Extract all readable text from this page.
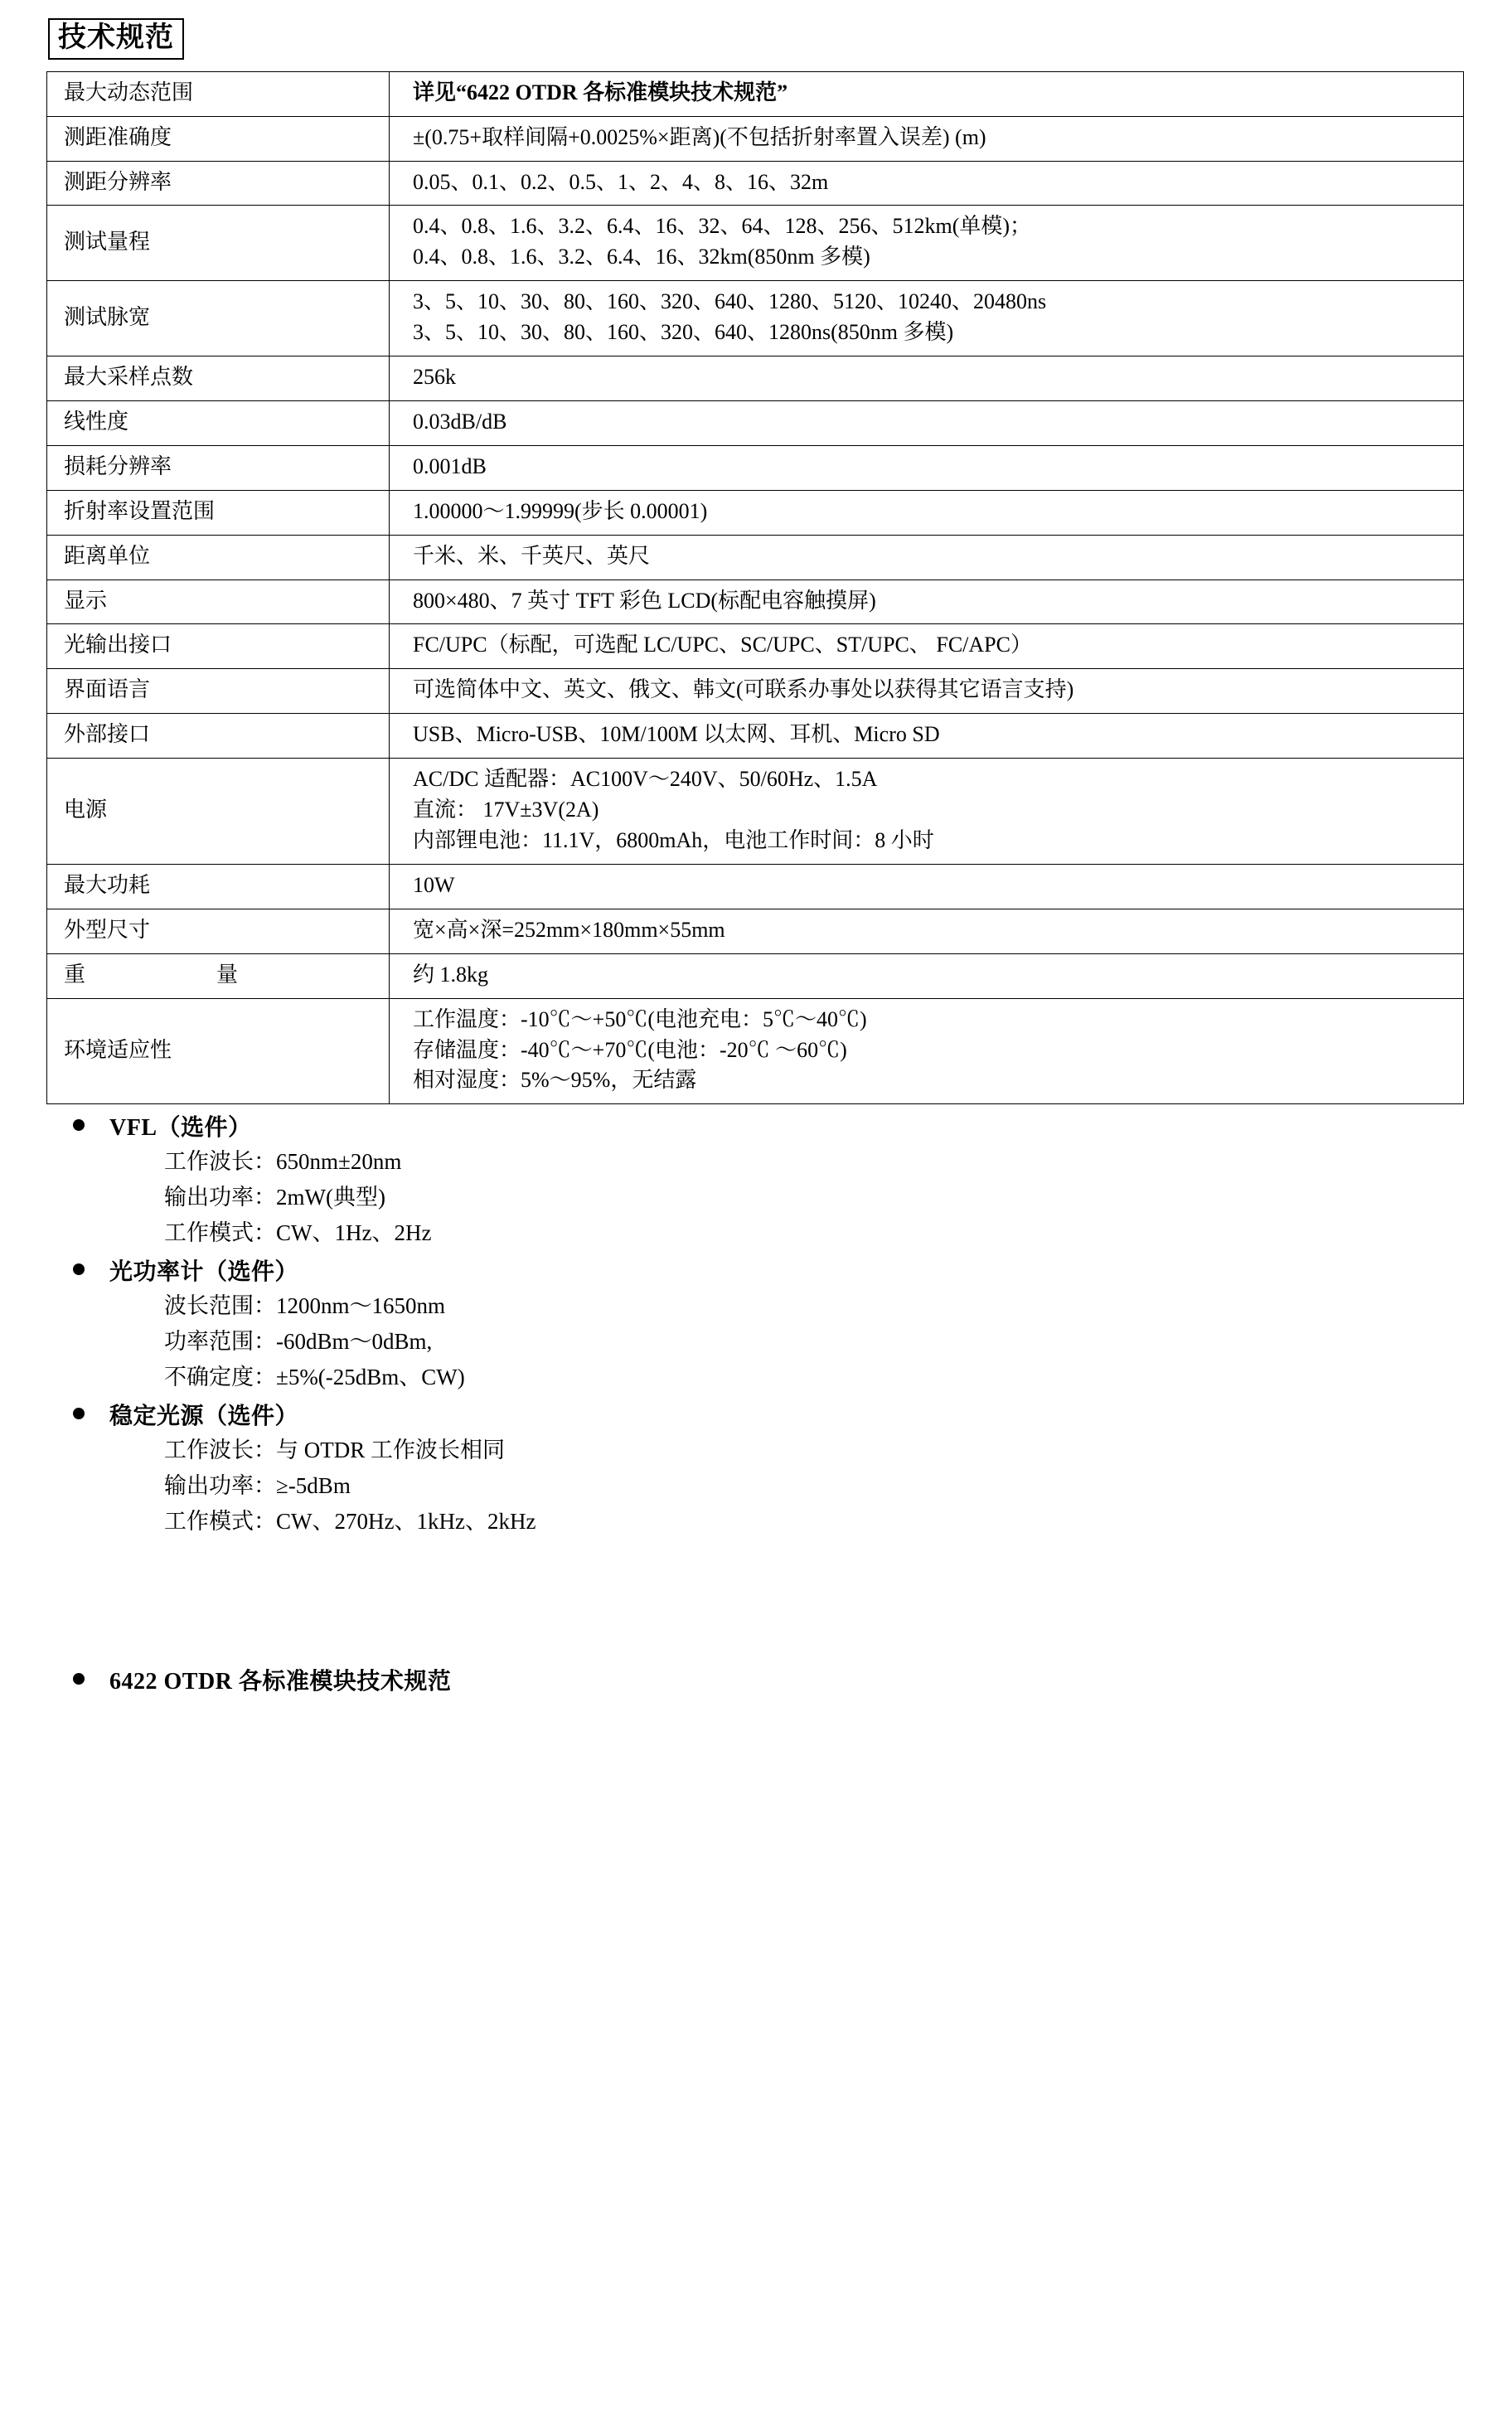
技术规范
最大动态范围	详见“6422 OTDR 各标准模块技术规范”

测距准确度	±(0.75+取样间隔+0.0025%×距离)(不包括折射率置入误差) (m)

测距分辨率	0.05、0.1、0.2、0.5、1、2、4、8、16、32m

测试量程	0.4、0.8、1.6、3.2、6.4、16、32、64、128、256、512km(单模)；
0.4、0.8、1.6、3.2、6.4、16、32km(850nm 多模)

测试脉宽	3、5、10、30、80、160、320、640、1280、5120、10240、20480ns
3、5、10、30、80、160、320、640、1280ns(850nm 多模)

最大采样点数	256k

线性度	0.03dB/dB

损耗分辨率	0.001dB

折射率设置范围	1.00000～1.99999(步长 0.00001)

距离单位	千米、米、千英尺、英尺

显示	800×480、7 英寸 TFT 彩色 LCD(标配电容触摸屏)

光输出接口	FC/UPC（标配，可选配 LC/UPC、SC/UPC、ST/UPC、 FC/APC）

界面语言	可选简体中文、英文、俄文、韩文(可联系办事处以获得其它语言支持)

外部接口	USB、Micro-USB、10M/100M 以太网、耳机、Micro SD

电源	AC/DC 适配器：AC100V～240V、50/60Hz、1.5A
直流： 17V±3V(2A)
内部锂电池：11.1V，6800mAh，电池工作时间：8 小时

最大功耗	10W

外型尺寸	宽×高×深=252mm×180mm×55mm

重量	约 1.8kg

环境适应性	工作温度：-10℃～+50℃(电池充电：5℃～40℃)
存储温度：-40℃～+70℃(电池：-20℃ ～60℃)
相对湿度：5%～95%，无结露
VFL（选件）
工作波长：650nm±20nm
输出功率：2mW(典型)
工作模式：CW、1Hz、2Hz
光功率计（选件）
波长范围：1200nm～1650nm
功率范围：-60dBm～0dBm,
不确定度：±5%(-25dBm、CW)
稳定光源（选件）
工作波长：与 OTDR 工作波长相同
输出功率：≥-5dBm
工作模式：CW、270Hz、1kHz、2kHz
6422 OTDR 各标准模块技术规范
